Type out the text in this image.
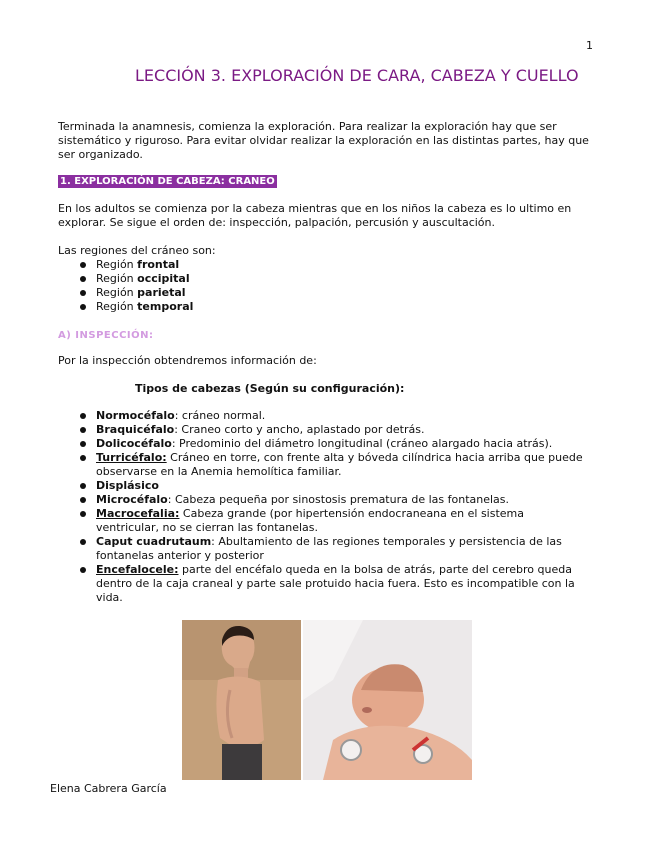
1
LECCIÓN 3. EXPLORACIÓN DE CARA, CABEZA Y CUELLO

Terminada la anamnesis, comienza la exploración. Para realizar la exploración hay que ser sistemático y riguroso. Para evitar olvidar realizar la exploración en las distintas partes, hay que ser organizado.

1. EXPLORACIÓN DE CABEZA: CRANEO

En los adultos se comienza por la cabeza mientras que en los niños la cabeza es lo ultimo en explorar. Se sigue el orden de: inspección, palpación, percusión y auscultación.

Las regiones del cráneo son:
Región frontal
Región occipital
Región parietal
Región temporal
A) INSPECCIÓN:
Por la inspección obtendremos información de:
Tipos de cabezas (Según su configuración):
Normocéfalo: cráneo normal.
Braquicéfalo: Craneo corto y ancho, aplastado por detrás.
Dolicocéfalo: Predominio del diámetro longitudinal (cráneo alargado hacia atrás).
Turricéfalo: Cráneo en torre, con frente alta y bóveda cilíndrica hacia arriba que puede observarse en la Anemia hemolítica familiar.
Displásico
Microcéfalo: Cabeza pequeña por sinostosis prematura de las fontanelas.
Macrocefalia: Cabeza grande (por hipertensión endocraneana en el sistema ventricular, no se cierran las fontanelas.
Caput cuadrutaum: Abultamiento de las regiones temporales y persistencia de las fontanelas anterior y posterior
Encefalocele: parte del encéfalo queda en la bolsa de atrás, parte del cerebro queda dentro de la caja craneal y parte sale protuido hacia fuera. Esto es incompatible con la vida.
Elena Cabrera García
